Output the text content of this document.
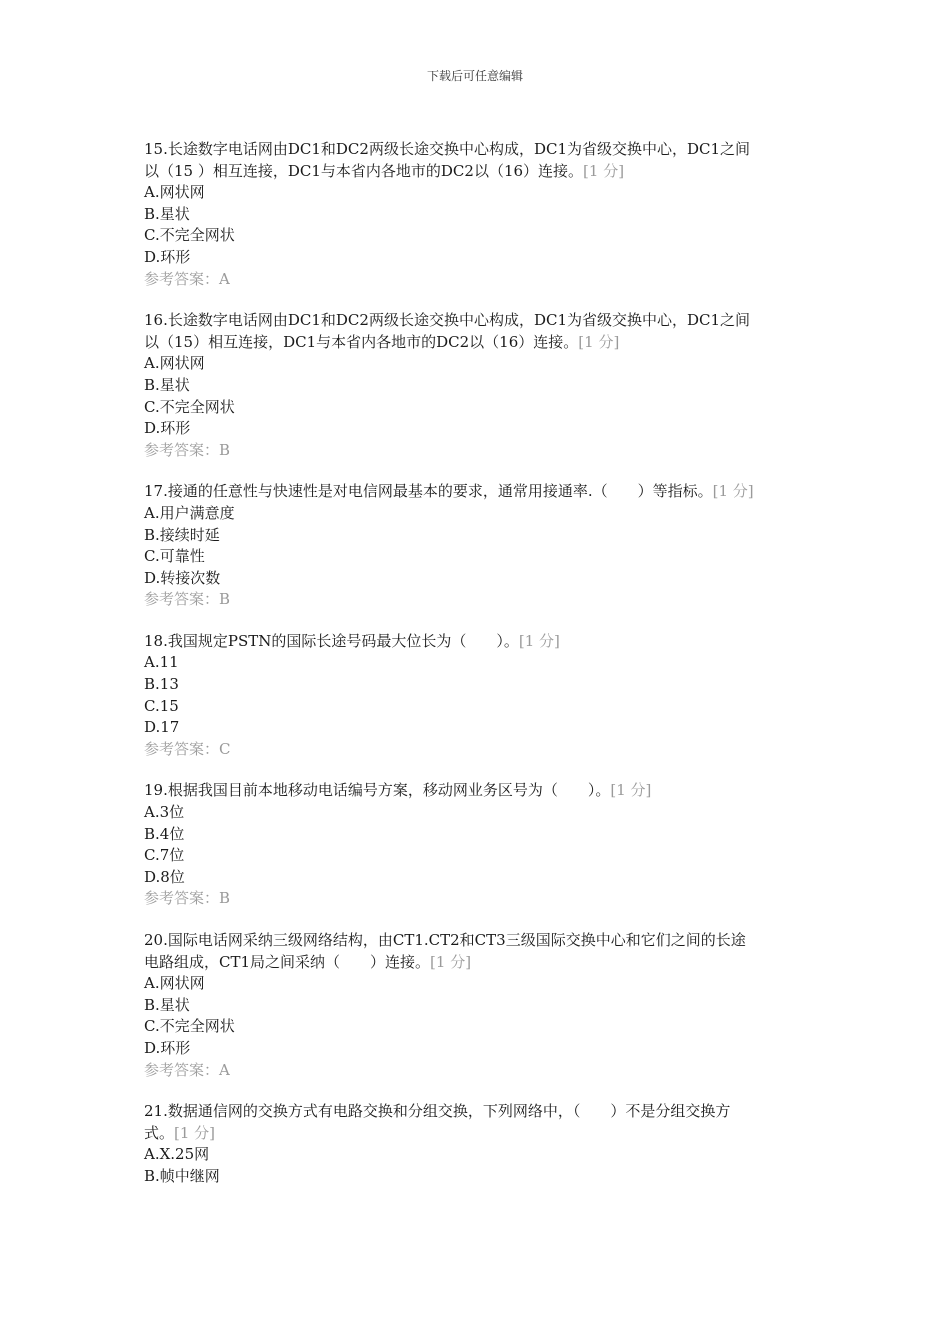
下载后可任意编辑
15.长途数字电话网由DC1和DC2两级长途交换中心构成，DC1为省级交换中心，DC1之间
以（15 ）相互连接，DC1与本省内各地市的DC2以（16）连接。[1 分]
A.网状网
B.星状
C.不完全网状
D.环形
参考答案：A
16.长途数字电话网由DC1和DC2两级长途交换中心构成，DC1为省级交换中心，DC1之间
以（15）相互连接，DC1与本省内各地市的DC2以（16）连接。[1 分]
A.网状网
B.星状
C.不完全网状
D.环形
参考答案：B
17.接通的任意性与快速性是对电信网最基本的要求，通常用接通率.（　　）等指标。[1 分]
A.用户满意度
B.接续时延
C.可靠性
D.转接次数
参考答案：B
18.我国规定PSTN的国际长途号码最大位长为（　　）。[1 分]
A.11
B.13
C.15
D.17
参考答案：C
19.根据我国目前本地移动电话编号方案，移动网业务区号为（　　）。[1 分]
A.3位
B.4位
C.7位
D.8位
参考答案：B
20.国际电话网采纳三级网络结构，由CT1.CT2和CT3三级国际交换中心和它们之间的长途
电路组成，CT1局之间采纳（　　）连接。[1 分]
A.网状网
B.星状
C.不完全网状
D.环形
参考答案：A
21.数据通信网的交换方式有电路交换和分组交换，下列网络中，（　　）不是分组交换方
式。[1 分]
A.X.25网
B.帧中继网
